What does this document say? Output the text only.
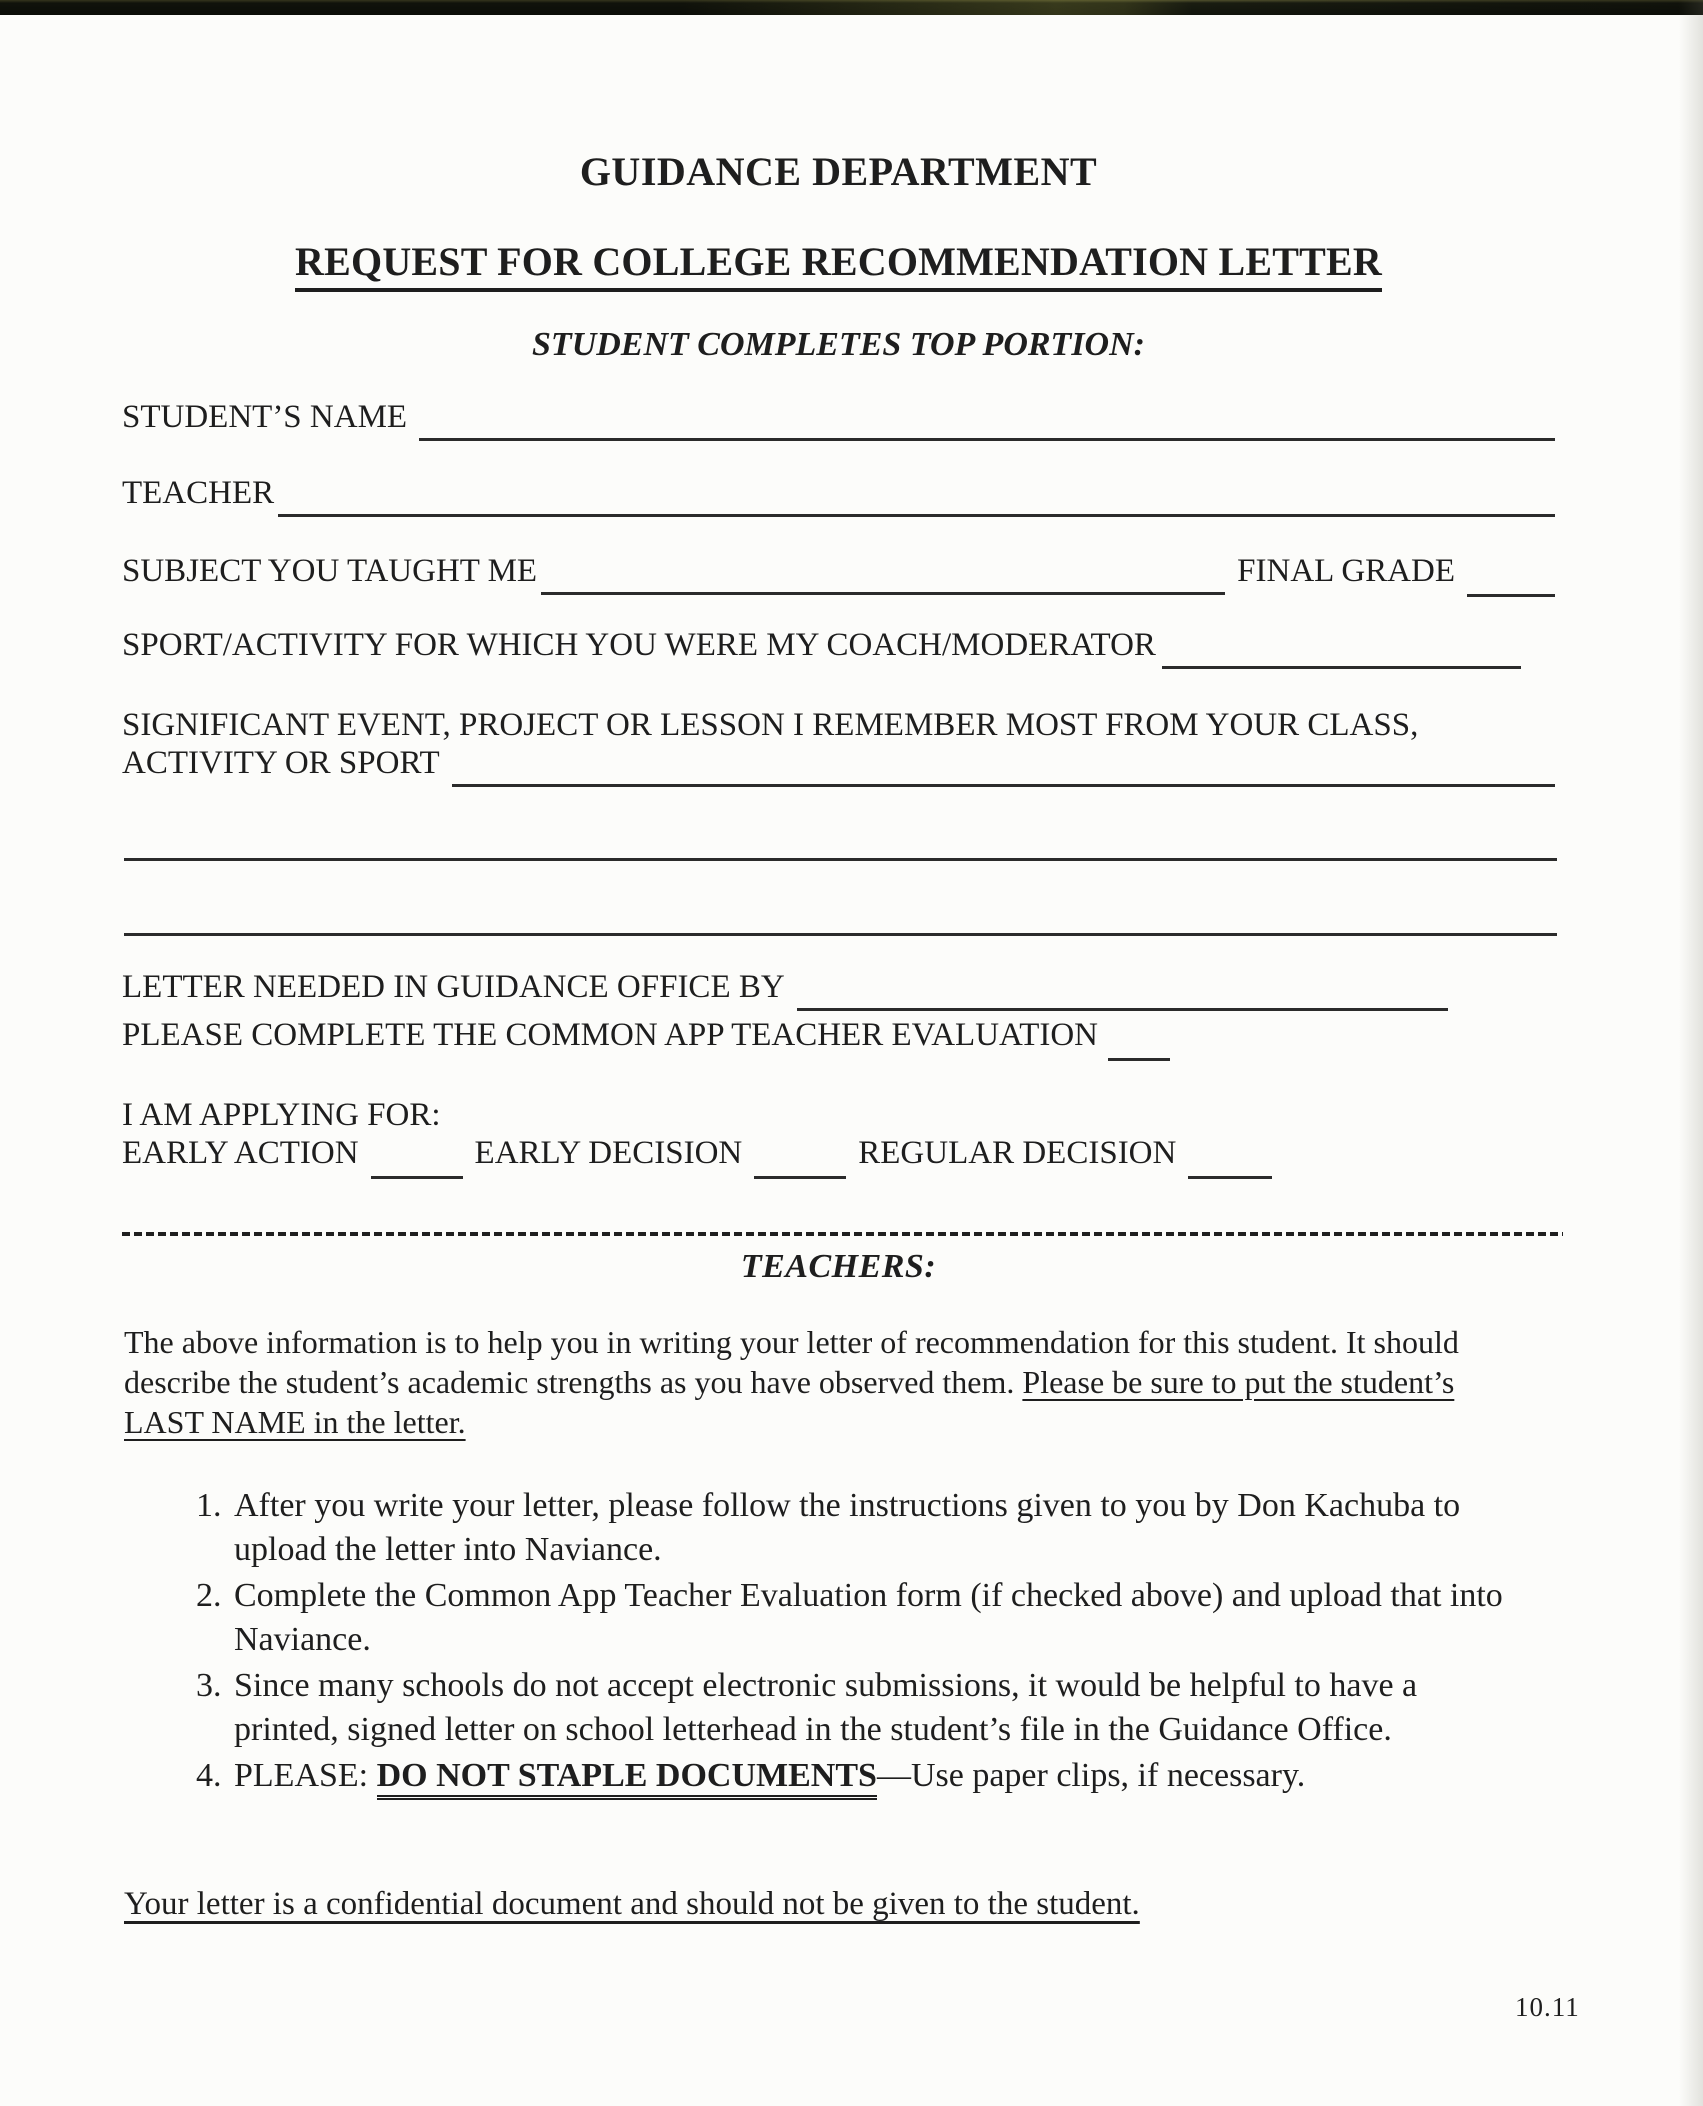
GUIDANCE DEPARTMENT
REQUEST FOR COLLEGE RECOMMENDATION LETTER
STUDENT COMPLETES TOP PORTION:
STUDENT’S NAME
TEACHER
SUBJECT YOU TAUGHT ME	FINAL GRADE
SPORT/ACTIVITY FOR WHICH YOU WERE MY COACH/MODERATOR
SIGNIFICANT EVENT, PROJECT OR LESSON I REMEMBER MOST FROM YOUR CLASS,
ACTIVITY OR SPORT
LETTER NEEDED IN GUIDANCE OFFICE BY
PLEASE COMPLETE THE COMMON APP TEACHER EVALUATION
I AM APPLYING FOR:
EARLY ACTION	EARLY DECISION	REGULAR DECISION
TEACHERS:
The above information is to help you in writing your letter of recommendation for this student. It should describe the student’s academic strengths as you have observed them. Please be sure to put the student’s LAST NAME in the letter.
1. After you write your letter, please follow the instructions given to you by Don Kachuba to upload the letter into Naviance.
2. Complete the Common App Teacher Evaluation form (if checked above) and upload that into Naviance.
3. Since many schools do not accept electronic submissions, it would be helpful to have a printed, signed letter on school letterhead in the student’s file in the Guidance Office.
4. PLEASE: DO NOT STAPLE DOCUMENTS—Use paper clips, if necessary.
Your letter is a confidential document and should not be given to the student.
10.11
